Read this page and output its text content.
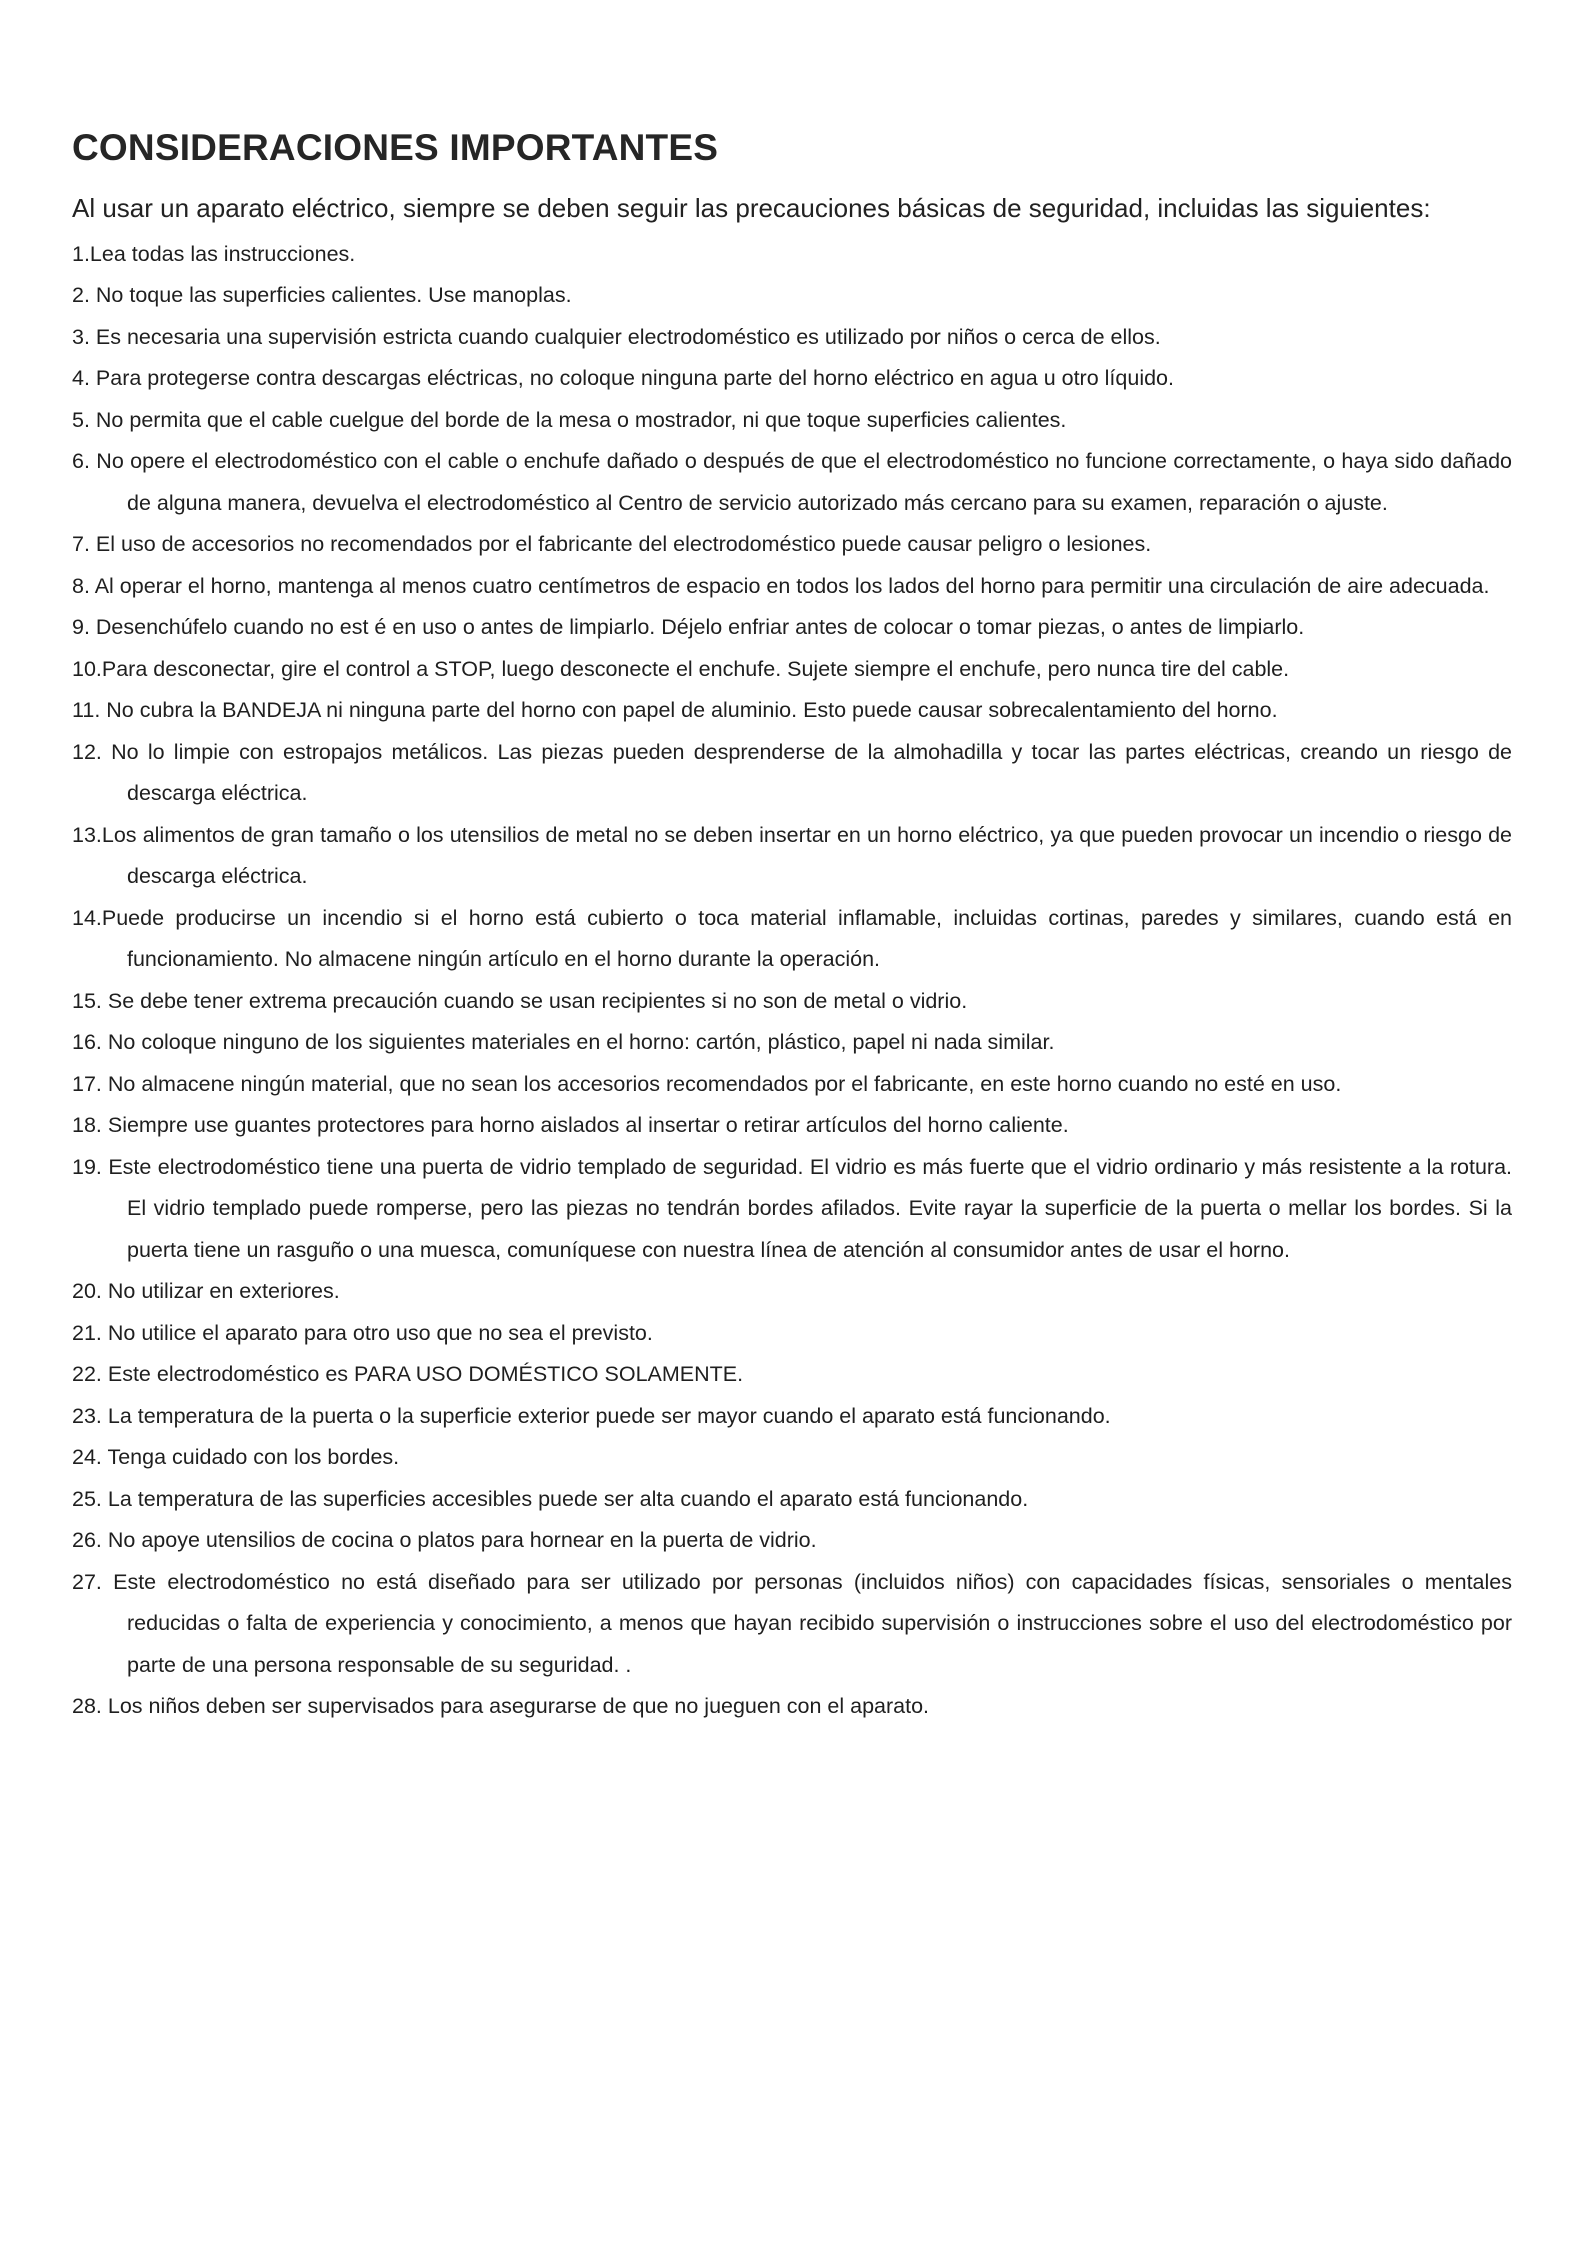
CONSIDERACIONES IMPORTANTES

Al usar un aparato eléctrico, siempre se deben seguir las precauciones básicas de seguridad, incluidas las siguientes:

1.Lea todas las instrucciones.

2. No toque las superficies calientes. Use manoplas.

3. Es necesaria una supervisión estricta cuando cualquier electrodoméstico es utilizado por niños o cerca de ellos.

4. Para protegerse contra descargas eléctricas, no coloque ninguna parte del horno eléctrico en agua u otro líquido.

5. No permita que el cable cuelgue del borde de la mesa o mostrador, ni que toque superficies calientes.

6. No opere el electrodoméstico con el cable o enchufe dañado o después de que el electrodoméstico no funcione correctamente, o haya sido dañado de alguna manera, devuelva el electrodoméstico al Centro de servicio autorizado más cercano para su examen, reparación o ajuste.

7. El uso de accesorios no recomendados por el fabricante del electrodoméstico puede causar peligro o lesiones.

8. Al operar el horno, mantenga al menos cuatro centímetros de espacio en todos los lados del horno para permitir una circulación de aire adecuada.

9. Desenchúfelo cuando no est é en uso o antes de limpiarlo. Déjelo enfriar antes de colocar o tomar piezas, o antes de limpiarlo.

10.Para desconectar, gire el control a STOP, luego desconecte el enchufe. Sujete siempre el enchufe, pero nunca tire del cable.

11. No cubra la BANDEJA ni ninguna parte del horno con papel de aluminio. Esto puede causar sobrecalentamiento del horno.

12. No lo limpie con estropajos metálicos. Las piezas pueden desprenderse de la almohadilla y tocar las partes eléctricas, creando un riesgo de descarga eléctrica.

13.Los alimentos de gran tamaño o los utensilios de metal no se deben insertar en un horno eléctrico, ya que pueden provocar un incendio o riesgo de descarga eléctrica.

14.Puede producirse un incendio si el horno está cubierto o toca material inflamable, incluidas cortinas, paredes y similares, cuando está en funcionamiento. No almacene ningún artículo en el horno durante la operación.

15. Se debe tener extrema precaución cuando se usan recipientes si no son de metal o vidrio.

16. No coloque ninguno de los siguientes materiales en el horno: cartón, plástico, papel ni nada similar.

17. No almacene ningún material, que no sean los accesorios recomendados por el fabricante, en este horno cuando no esté en uso.

18. Siempre use guantes protectores para horno aislados al insertar o retirar artículos del horno caliente.

19. Este electrodoméstico tiene una puerta de vidrio templado de seguridad. El vidrio es más fuerte que el vidrio ordinario y más resistente a la rotura. El vidrio templado puede romperse, pero las piezas no tendrán bordes afilados. Evite rayar la superficie de la puerta o mellar los bordes. Si la puerta tiene un rasguño o una muesca, comuníquese con nuestra línea de atención al consumidor antes de usar el horno.

20. No utilizar en exteriores.

21. No utilice el aparato para otro uso que no sea el previsto.

22. Este electrodoméstico es PARA USO DOMÉSTICO SOLAMENTE.

23. La temperatura de la puerta o la superficie exterior puede ser mayor cuando el aparato está funcionando.

24. Tenga cuidado con los bordes.

25. La temperatura de las superficies accesibles puede ser alta cuando el aparato está funcionando.

26. No apoye utensilios de cocina o platos para hornear en la puerta de vidrio.

27. Este electrodoméstico no está diseñado para ser utilizado por personas (incluidos niños) con capacidades físicas, sensoriales o mentales reducidas o falta de experiencia y conocimiento, a menos que hayan recibido supervisión o instrucciones sobre el uso del electrodoméstico por parte de una persona responsable de su seguridad. .

28. Los niños deben ser supervisados para asegurarse de que no jueguen con el aparato.
